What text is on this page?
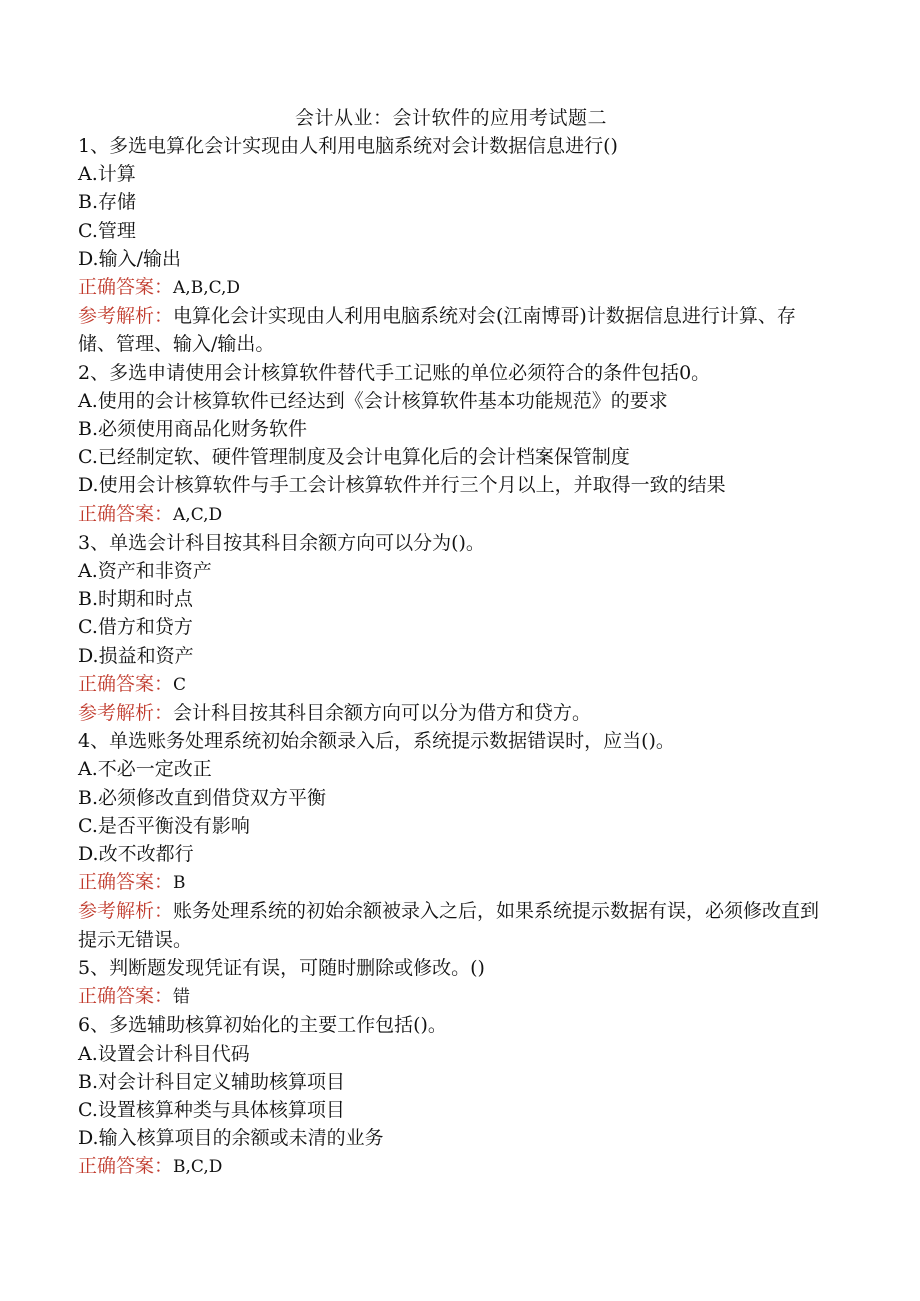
会计从业：会计软件的应用考试题二

1、多选电算化会计实现由人利用电脑系统对会计数据信息进行()

A.计算

B.存储

C.管理

D.输入/输出

正确答案：A,B,C,D

参考解析：电算化会计实现由人利用电脑系统对会(江南博哥)计数据信息进行计算、存储、管理、输入/输出。

2、多选申请使用会计核算软件替代手工记账的单位必须符合的条件包括0。

A.使用的会计核算软件已经达到《会计核算软件基本功能规范》的要求

B.必须使用商品化财务软件

C.已经制定软、硬件管理制度及会计电算化后的会计档案保管制度

D.使用会计核算软件与手工会计核算软件并行三个月以上，并取得一致的结果

正确答案：A,C,D

3、单选会计科目按其科目余额方向可以分为()。

A.资产和非资产

B.时期和时点

C.借方和贷方

D.损益和资产

正确答案：C

参考解析：会计科目按其科目余额方向可以分为借方和贷方。

4、单选账务处理系统初始余额录入后，系统提示数据错误时，应当()。

A.不必一定改正

B.必须修改直到借贷双方平衡

C.是否平衡没有影响

D.改不改都行

正确答案：B

参考解析：账务处理系统的初始余额被录入之后，如果系统提示数据有误，必须修改直到提示无错误。

5、判断题发现凭证有误，可随时删除或修改。()

正确答案：错

6、多选辅助核算初始化的主要工作包括()。

A.设置会计科目代码

B.对会计科目定义辅助核算项目

C.设置核算种类与具体核算项目

D.输入核算项目的余额或未清的业务

正确答案：B,C,D
